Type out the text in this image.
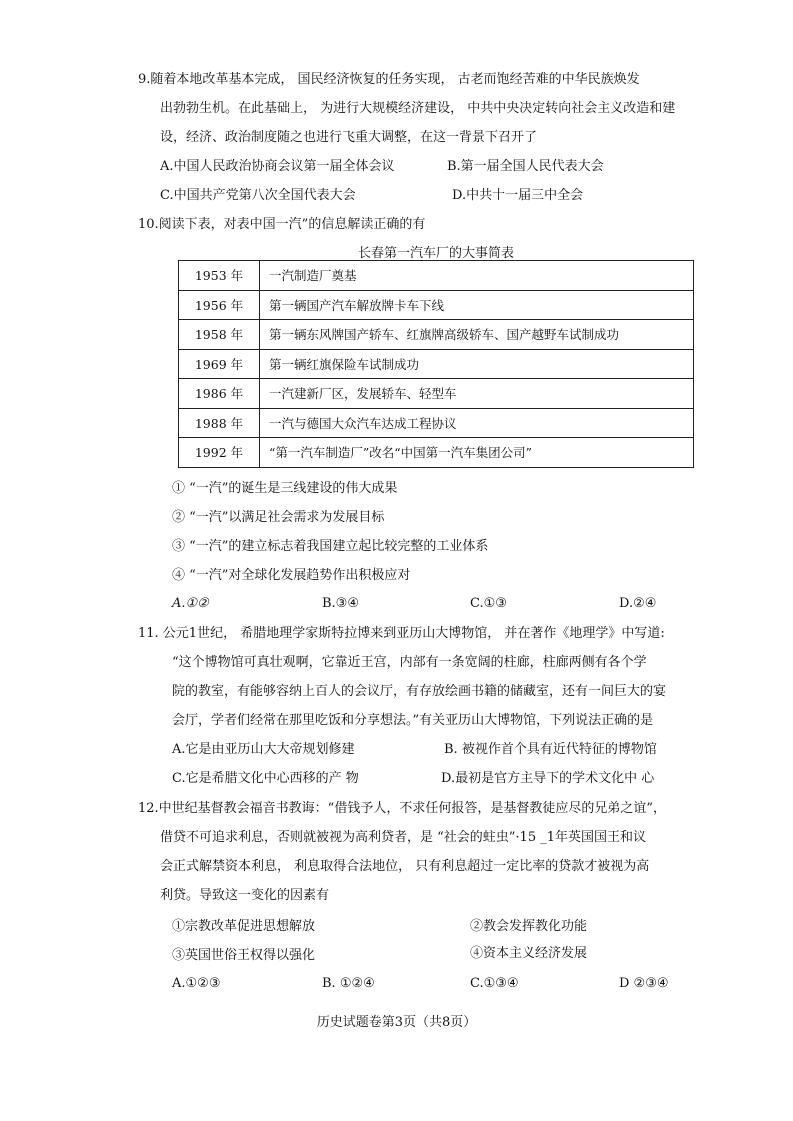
9.随着本地改革基本完成， 国民经济恢复的任务实现， 古老而饱经苦难的中华民族焕发
出勃勃生机。在此基础上， 为进行大规模经济建设， 中共中央决定转向社会主义改造和建
设，经济、政治制度随之也进行飞重大调整，在这一背景下召开了
A.中国人民政治协商会议第一届全体会议	B.第一届全国人民代表大会
C.中国共产党第八次全国代表大会	D.中共十一届三中全会
10.阅读下表，对表中国一汽”的信息解读正确的有
长春第一汽车厂的大事简表
1953 年	一汽制造厂奠基
1956 年	第一辆国产汽车解放牌卡车下线
1958 年	第一辆东风牌国产轿车、红旗牌高级轿车、国产越野车试制成功
1969 年	第一辆红旗保险车试制成功
1986 年	一汽建新厂区，发展轿车、轻型车
1988 年	一汽与德国大众汽车达成工程协议
1992 年	“第一汽车制造厂”改名“中国第一汽车集团公司”
① “一汽”的诞生是三线建设的伟大成果
② “一汽”以满足社会需求为发展目标
③ “一汽”的建立标志着我国建立起比较完整的工业体系
④ “一汽”对全球化发展趋势作出积极应对
A.①②	B.③④	C.①③	D.②④
11. 公元1世纪， 希腊地理学家斯特拉博来到亚历山大博物馆， 并在著作《地理学》中写道:
“这个博物馆可真壮观啊，它靠近王宫，内部有一条宽阔的柱廊，柱廊两侧有各个学
院的教室，有能够容纳上百人的会议厅，有存放绘画书籍的储藏室，还有一间巨大的宴
会厅，学者们经常在那里吃饭和分享想法。”有关亚历山大博物馆，下列说法正确的是
A.它是由亚历山大大帝规划修建	B. 被视作首个具有近代特征的博物馆
C.它是希腊文化中心西移的产 物	D.最初是官方主导下的学术文化中 心
12.中世纪基督教会福音书教诲：“借钱予人，不求任何报答，是基督教徒应尽的兄弟之谊”，
借贷不可追求利息，否则就被视为高利贷者，是 “社会的蛀虫”·15 _1年英国国王和议
会正式解禁资本利息， 利息取得合法地位， 只有利息超过一定比率的贷款才被视为高
利贷。导致这一变化的因素有
①宗教改革促进思想解放	②教会发挥教化功能
③英国世俗王权得以强化	④资本主义经济发展
A.①②③	B. ①②④	C.①③④	D ②③④
历史试题卷第3页（共8页）
